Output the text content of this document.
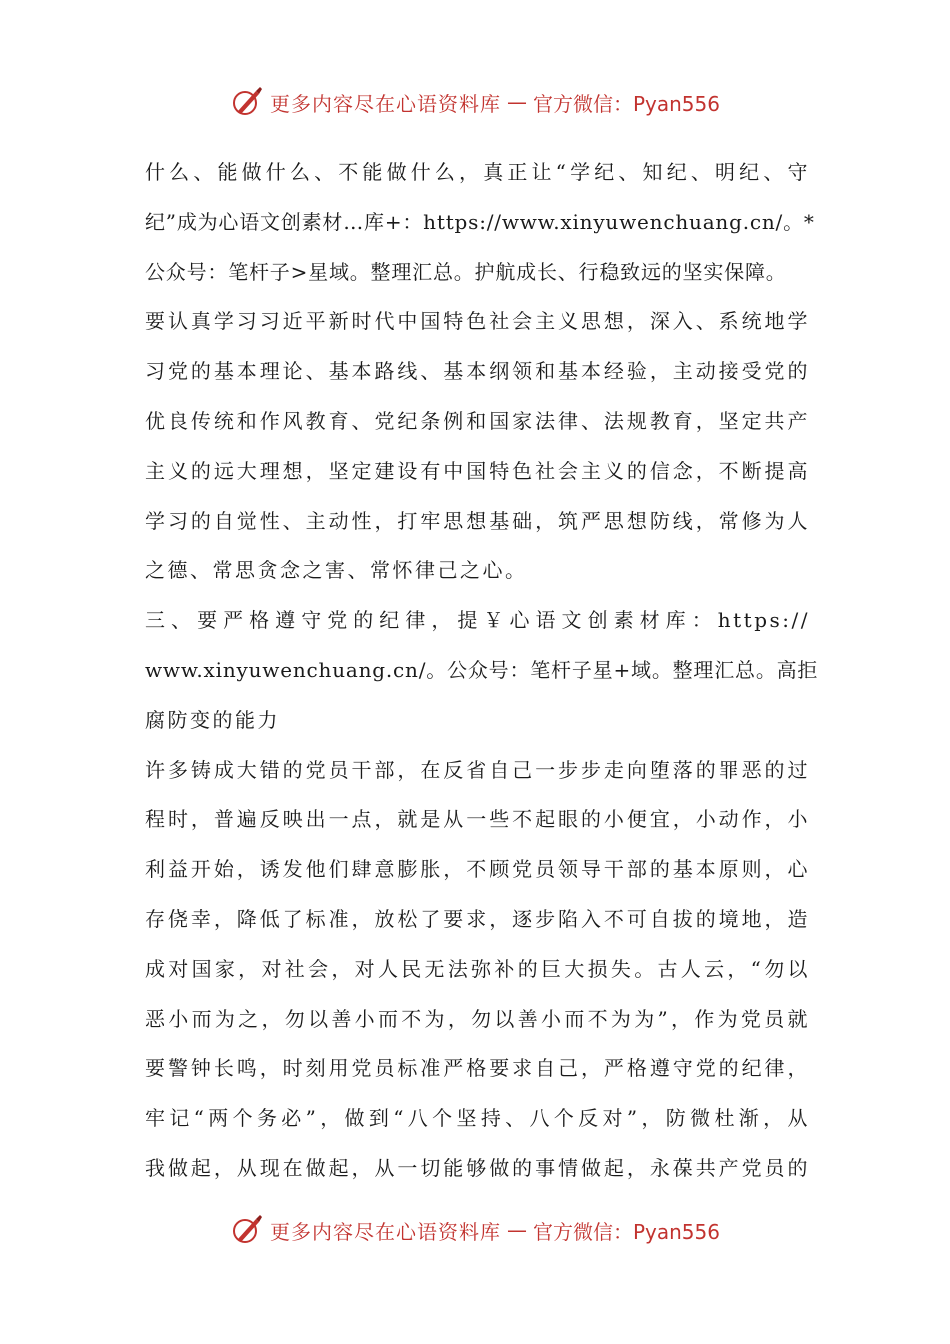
更多内容尽在心语资料库 — 官方微信：Pyan556
什么、能做什么、不能做什么，真正让“学纪、知纪、明纪、守
纪”成为心语文创素材…库+：https://www.xinyuwenchuang.cn/。*
公众号：笔杆子>星域。整理汇总。护航成长、行稳致远的坚实保障。
要认真学习习近平新时代中国特色社会主义思想，深入、系统地学
习党的基本理论、基本路线、基本纲领和基本经验，主动接受党的
优良传统和作风教育、党纪条例和国家法律、法规教育，坚定共产
主义的远大理想，坚定建设有中国特色社会主义的信念，不断提高
学习的自觉性、主动性，打牢思想基础，筑严思想防线，常修为人
之德、常思贪念之害、常怀律己之心。
三、要严格遵守党的纪律，提￥心语文创素材库：https://
www.xinyuwenchuang.cn/。公众号：笔杆子星+域。整理汇总。高拒
腐防变的能力
许多铸成大错的党员干部，在反省自己一步步走向堕落的罪恶的过
程时，普遍反映出一点，就是从一些不起眼的小便宜，小动作，小
利益开始，诱发他们肆意膨胀，不顾党员领导干部的基本原则，心
存侥幸，降低了标准，放松了要求，逐步陷入不可自拔的境地，造
成对国家，对社会，对人民无法弥补的巨大损失。古人云，“勿以
恶小而为之，勿以善小而不为，勿以善小而不为为”，作为党员就
要警钟长鸣，时刻用党员标准严格要求自己，严格遵守党的纪律，
牢记“两个务必”，做到“八个坚持、八个反对”，防微杜渐，从
我做起，从现在做起，从一切能够做的事情做起，永葆共产党员的
更多内容尽在心语资料库 — 官方微信：Pyan556
